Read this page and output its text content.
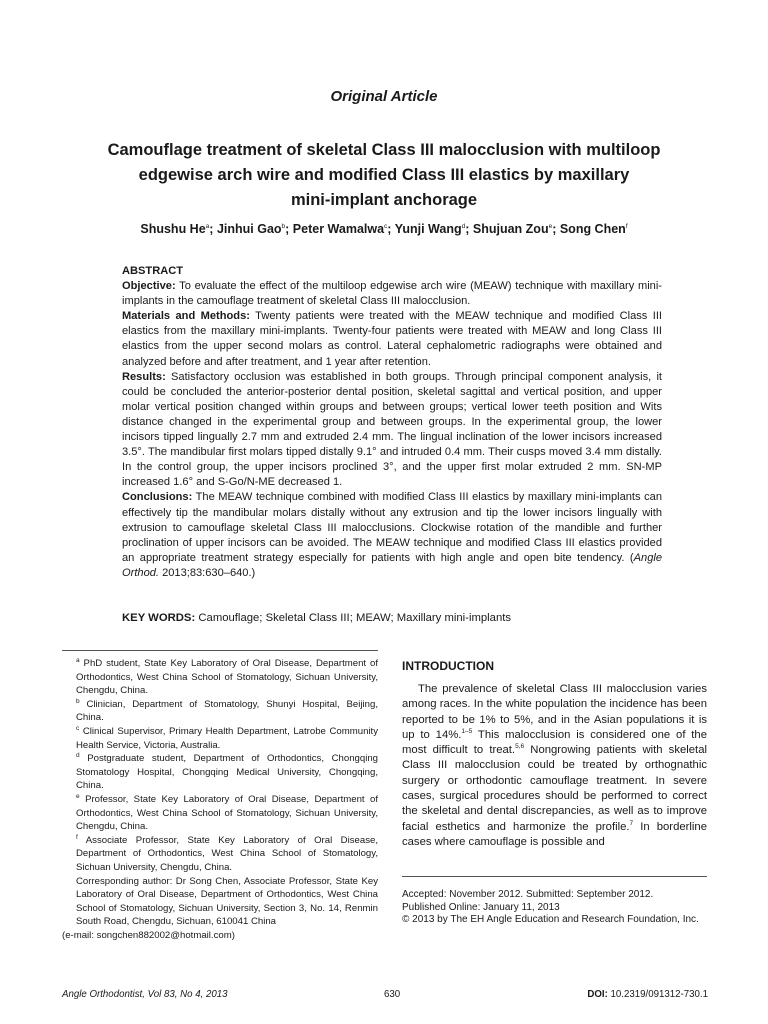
Original Article
Camouflage treatment of skeletal Class III malocclusion with multiloop
edgewise arch wire and modified Class III elastics by maxillary
mini-implant anchorage
Shushu He$^a$; Jinhui Gao$^b$; Peter Wamalwa$^c$; Yunji Wang$^d$; Shujuan Zou$^e$; Song Chen$^f$

ABSTRACT

Objective: To evaluate the effect of the multiloop edgewise arch wire (MEAW) technique with maxillary mini-implants in the camouflage treatment of skeletal Class III malocclusion.

Materials and Methods: Twenty patients were treated with the MEAW technique and modified Class III elastics from the maxillary mini-implants. Twenty-four patients were treated with MEAW and long Class III elastics from the upper second molars as control. Lateral cephalometric radiographs were obtained and analyzed before and after treatment, and 1 year after retention.

Results: Satisfactory occlusion was established in both groups. Through principal component analysis, it could be concluded the anterior-posterior dental position, skeletal sagittal and vertical position, and upper molar vertical position changed within groups and between groups; vertical lower teeth position and Wits distance changed in the experimental group and between groups. In the experimental group, the lower incisors tipped lingually 2.7 mm and extruded 2.4 mm. The lingual inclination of the lower incisors increased 3.5°. The mandibular first molars tipped distally 9.1° and intruded 0.4 mm. Their cusps moved 3.4 mm distally. In the control group, the upper incisors proclined 3°, and the upper first molar extruded 2 mm. SN-MP increased 1.6° and S-Go/N-ME decreased 1.

Conclusions: The MEAW technique combined with modified Class III elastics by maxillary mini-implants can effectively tip the mandibular molars distally without any extrusion and tip the lower incisors lingually with extrusion to camouflage skeletal Class III malocclusions. Clockwise rotation of the mandible and further proclination of upper incisors can be avoided. The MEAW technique and modified Class III elastics provided an appropriate treatment strategy especially for patients with high angle and open bite tendency. (Angle Orthod. 2013;83:630–640.)

KEY WORDS: Camouflage; Skeletal Class III; MEAW; Maxillary mini-implants

$^a$ PhD student, State Key Laboratory of Oral Disease, Department of Orthodontics, West China School of Stomatology, Sichuan University, Chengdu, China.

$^b$ Clinician, Department of Stomatology, Shunyi Hospital, Beijing, China.

$^c$ Clinical Supervisor, Primary Health Department, Latrobe Community Health Service, Victoria, Australia.

$^d$ Postgraduate student, Department of Orthodontics, Chongqing Stomatology Hospital, Chongqing Medical University, Chongqing, China.

$^e$ Professor, State Key Laboratory of Oral Disease, Department of Orthodontics, West China School of Stomatology, Sichuan University, Chengdu, China.

$^f$ Associate Professor, State Key Laboratory of Oral Disease, Department of Orthodontics, West China School of Stomatology, Sichuan University, Chengdu, China.

Corresponding author: Dr Song Chen, Associate Professor, State Key Laboratory of Oral Disease, Department of Orthodontics, West China School of Stomatology, Sichuan University, Section 3, No. 14, Renmin South Road, Chengdu, Sichuan, 610041 China

(e-mail: songchen882002@hotmail.com)

INTRODUCTION

The prevalence of skeletal Class III malocclusion varies among races. In the white population the incidence has been reported to be 1% to 5%, and in the Asian populations it is up to 14%.$^{1-5}$ This malocclusion is considered one of the most difficult to treat.$^{5,6}$ Nongrowing patients with skeletal Class III malocclusion could be treated by orthognathic surgery or orthodontic camouflage treatment. In severe cases, surgical procedures should be performed to correct the skeletal and dental discrepancies, as well as to improve facial esthetics and harmonize the profile.$^7$ In borderline cases where camouflage is possible and

Accepted: November 2012. Submitted: September 2012.

Published Online: January 11, 2013

© 2013 by The EH Angle Education and Research Foundation, Inc.

Angle Orthodontist, Vol 83, No 4, 2013	630	DOI: 10.2319/091312-730.1
